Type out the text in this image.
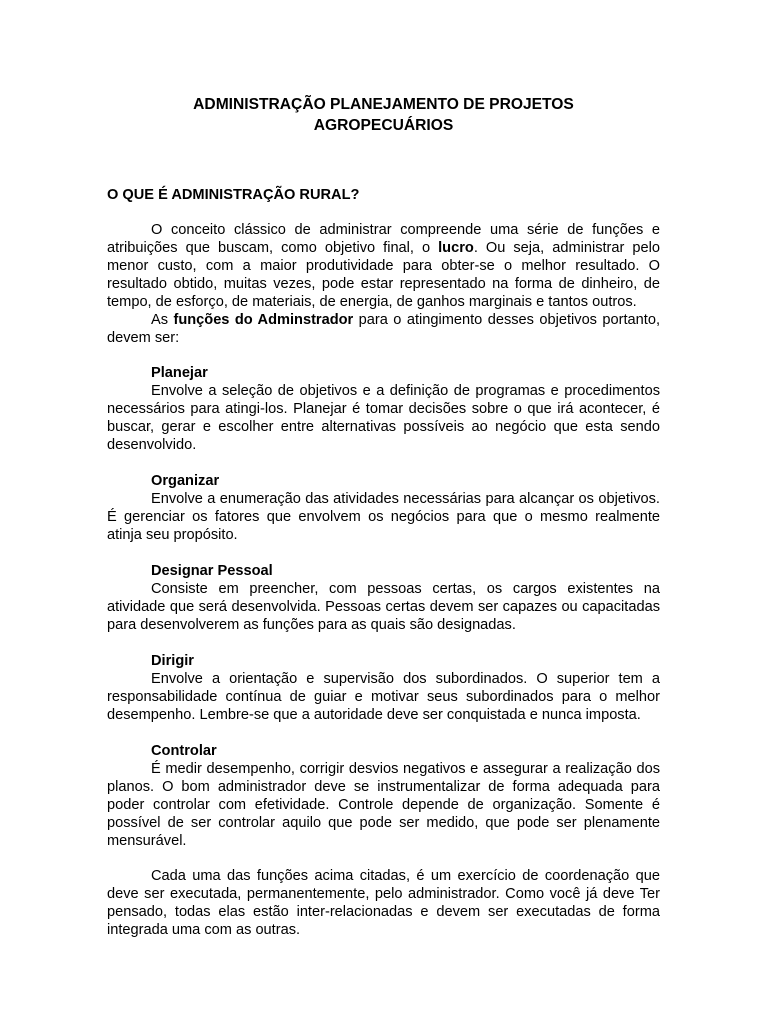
ADMINISTRAÇÃO PLANEJAMENTO DE PROJETOS
AGROPECUÁRIOS
O QUE É ADMINISTRAÇÃO RURAL?

O conceito clássico de administrar compreende uma série de funções e atribuições que buscam, como objetivo final, o lucro. Ou seja, administrar pelo menor custo, com a maior produtividade para obter-se o melhor resultado. O resultado obtido, muitas vezes, pode estar representado na forma de dinheiro, de tempo, de esforço, de materiais, de energia, de ganhos marginais e tantos outros.

As funções do Adminstrador para o atingimento desses objetivos portanto, devem ser:

Planejar

Envolve a seleção de objetivos e a definição de programas e procedimentos necessários para atingi-los. Planejar é tomar decisões sobre o que irá acontecer, é buscar, gerar e escolher entre alternativas possíveis ao negócio que esta sendo desenvolvido.

Organizar

Envolve a enumeração das atividades necessárias para alcançar os objetivos. É gerenciar os fatores que envolvem os negócios para que o mesmo realmente atinja seu propósito.

Designar Pessoal

Consiste em preencher, com pessoas certas, os cargos existentes na atividade que será desenvolvida. Pessoas certas devem ser capazes ou capacitadas para desenvolverem as funções para as quais são designadas.

Dirigir

Envolve a orientação e supervisão dos subordinados. O superior tem a responsabilidade contínua de guiar e motivar seus subordinados para o melhor desempenho. Lembre-se que a autoridade deve ser conquistada e nunca imposta.

Controlar

É medir desempenho, corrigir desvios negativos e assegurar a realização dos planos. O bom administrador deve se instrumentalizar de forma adequada para poder controlar com efetividade. Controle depende de organização. Somente é possível de ser controlar aquilo que pode ser medido, que pode ser plenamente mensurável.

Cada uma das funções acima citadas, é um exercício de coordenação que deve ser executada, permanentemente, pelo administrador. Como você já deve Ter pensado, todas elas estão inter-relacionadas e devem ser executadas de forma integrada uma com as outras.
